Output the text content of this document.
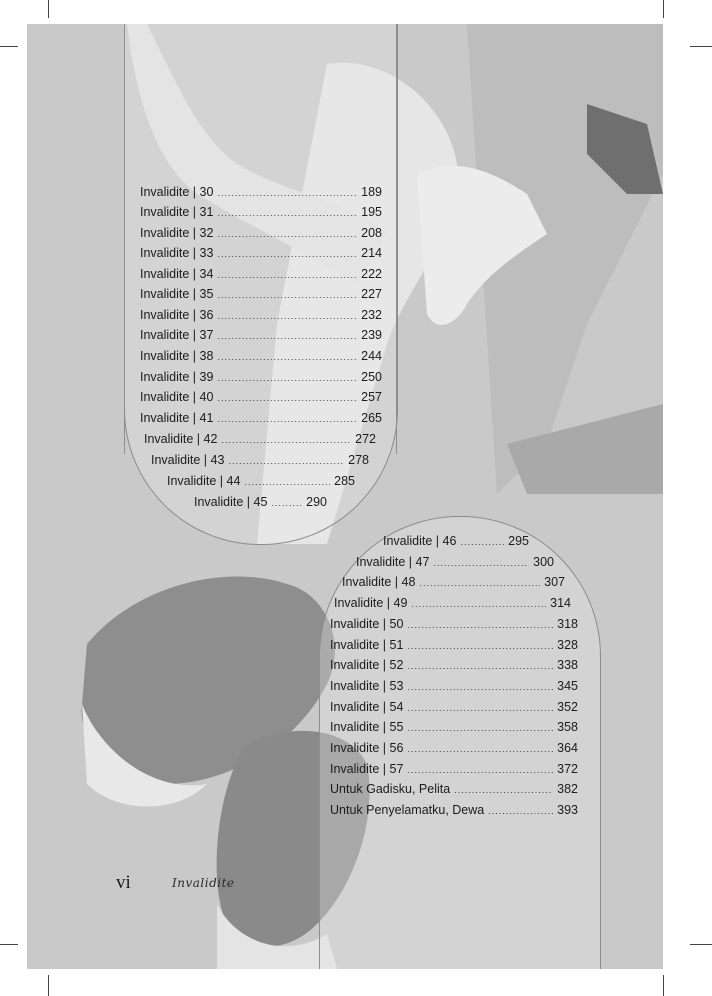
Invalidite | 30 .....	189
Invalidite | 31 .....	195
Invalidite | 32 .....	208
Invalidite | 33 .....	214
Invalidite | 34 .....	222
Invalidite | 35 .....	227
Invalidite | 36 .....	232
Invalidite | 37 .....	239
Invalidite | 38 .....	244
Invalidite | 39 .....	250
Invalidite | 40 .....	257
Invalidite | 41 .....	265
Invalidite | 42 .....	272
Invalidite | 43 .....	278
Invalidite | 44 .....	285
Invalidite | 45 .....	290
Invalidite | 46 .....	295
Invalidite | 47 .....	300
Invalidite | 48 .....	307
Invalidite | 49 .....	314
Invalidite | 50 .....	318
Invalidite | 51 .....	328
Invalidite | 52 .....	338
Invalidite | 53 .....	345
Invalidite | 54 .....	352
Invalidite | 55 .....	358
Invalidite | 56 .....	364
Invalidite | 57 .....	372
Untuk Gadisku, Pelita .....	382
Untuk Penyelamatku, Dewa .....	393
vi	Invalidite
